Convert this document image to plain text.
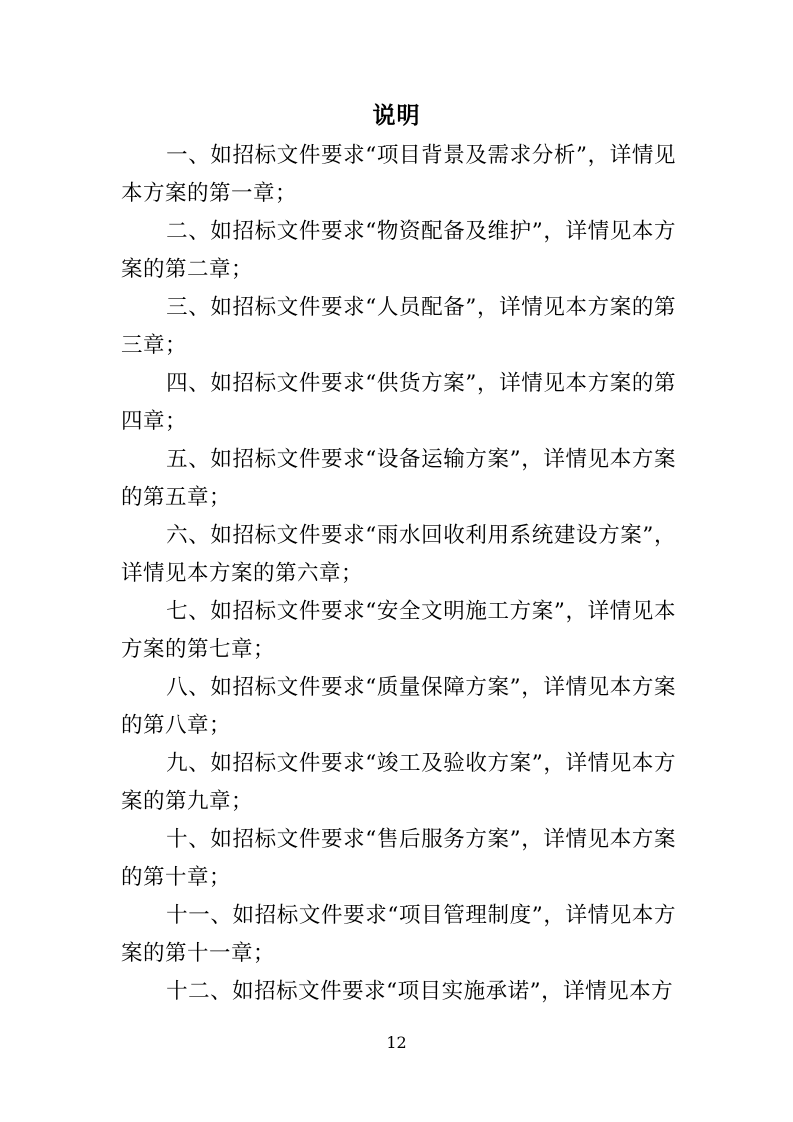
说明

一、如招标文件要求“项目背景及需求分析”，详情见本方案的第一章；

二、如招标文件要求“物资配备及维护”，详情见本方案的第二章；

三、如招标文件要求“人员配备”，详情见本方案的第三章；

四、如招标文件要求“供货方案”，详情见本方案的第四章；

五、如招标文件要求“设备运输方案”，详情见本方案的第五章；

六、如招标文件要求“雨水回收利用系统建设方案”，详情见本方案的第六章；

七、如招标文件要求“安全文明施工方案”，详情见本方案的第七章；

八、如招标文件要求“质量保障方案”，详情见本方案的第八章；

九、如招标文件要求“竣工及验收方案”，详情见本方案的第九章；

十、如招标文件要求“售后服务方案”，详情见本方案的第十章；

十一、如招标文件要求“项目管理制度”，详情见本方案的第十一章；

十二、如招标文件要求“项目实施承诺”，详情见本方

12
